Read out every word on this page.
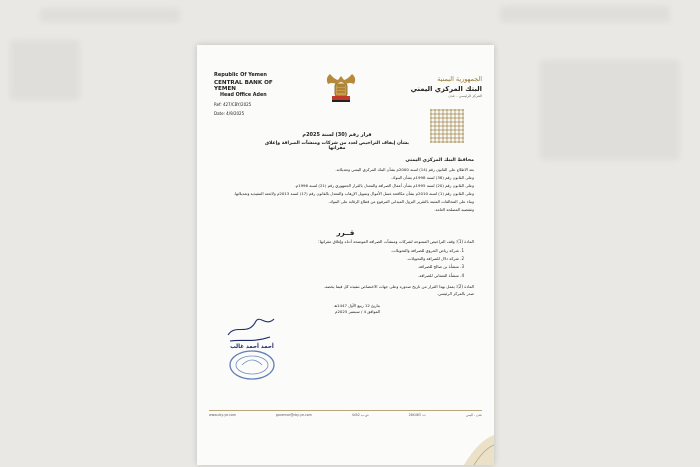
Republic Of Yemen
CENTRAL BANK OF YEMEN
Head Office Aden
Ref: 427/CBY/2025
Date: 4/9/2025
الجمهورية اليمنية
البنك المركزي اليمني
المركز الرئيسي - عدن
قرار رقم (30) لسنة 2025م
بشأن إيقاف التراخيص لعدد من شركات ومنشآت الصرافة وإغلاق مقراتها
محافظ البنك المركزي اليمني
بعد الاطلاع على القانون رقم (14) لسنة 2000م بشأن البنك المركزي اليمني وتعديلاته.
وعلى القانون رقم (38) لسنة 1998م بشأن البنوك.
وعلى القانون رقم (20) لسنة 1995م بشأن أعمال الصرافة والمعدل بالقرار الجمهوري رقم (21) لسنة 1996م.
وعلى القانون رقم (1) لسنة 2010م بشأن مكافحة غسل الأموال وتمويل الإرهاب والمعدل بالقانون رقم (17) لسنة 2013م ولائحته التنفيذية وتعديلاتها.
وبناء على المخالفات المثبتة بالتقرير النزول الميداني المرفوع من قطاع الرقابة على البنوك.
وتقتضيه المصلحة العامة.
قــرر
المادة (1): وقف التراخيص الممنوحة لشركات ومنشآت الصرافة الموضحة أدناه وإغلاق مقراتها:
1. شركة رياض الحروي للصرافة والتحويلات.
2. شركة دلال للصرافة والتحويلات.
3. منشأة بن صالح للصرافة.
4. منشأة النعماني للصرافة.
المادة (2): يعمل بهذا القرار من تاريخ صدوره وعلى جهات الاختصاص تنفيذه كل فيما يخصه.
صدر بالمركز الرئيسي.
بتاريخ 12 ربيع الأول 1447هـ
الموافق 4 / سبتمبر 2025م
أحمد أحمد غالب
www.cby-ye.com	governor@cby-ye.com	ص.ب 4452	ت: 264463	عدن - اليمن
